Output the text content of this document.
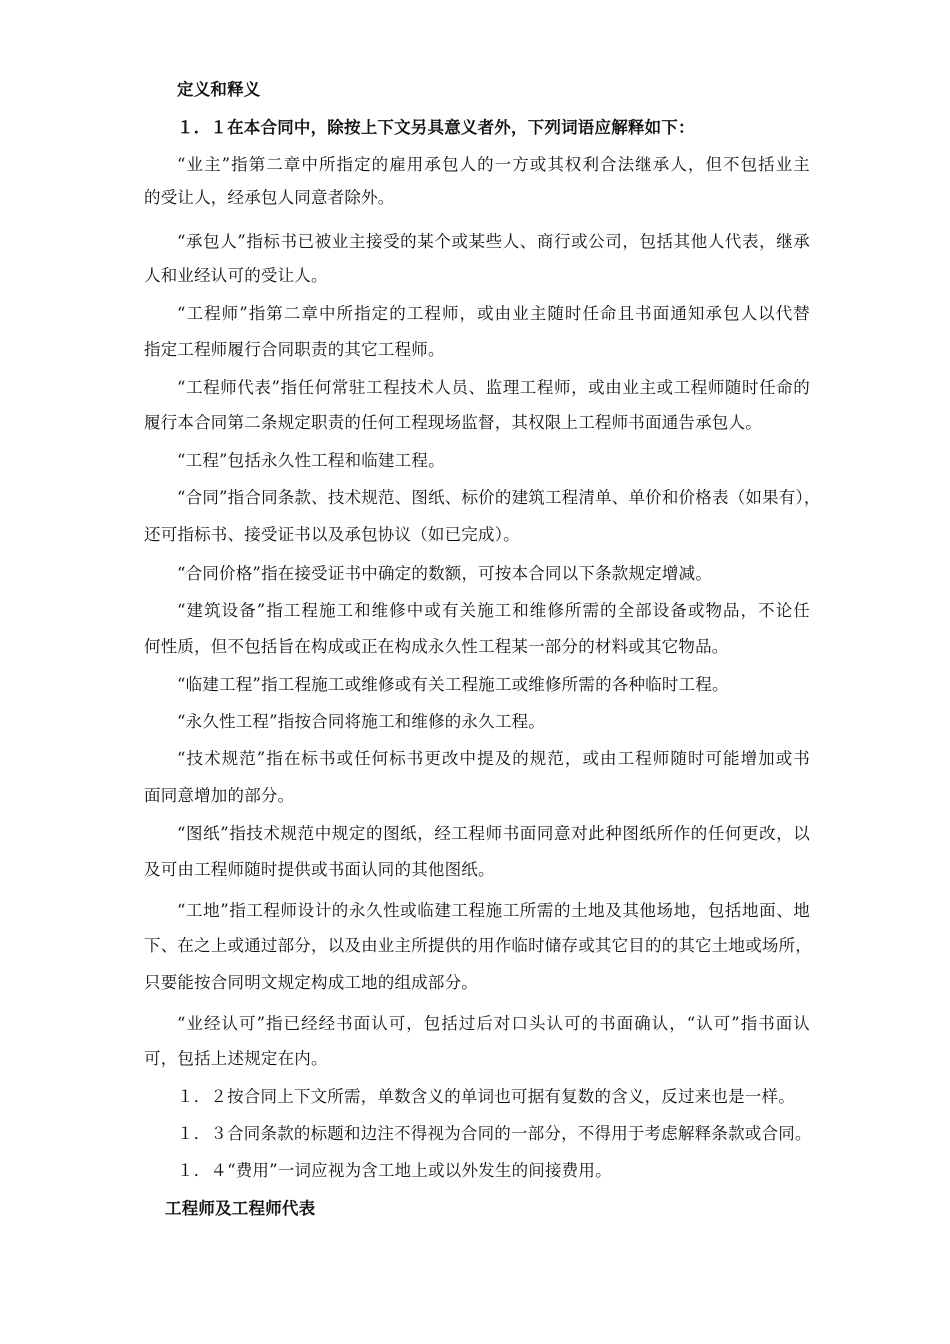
定义和释义
１．１在本合同中，除按上下文另具意义者外，下列词语应解释如下：
“业主”指第二章中所指定的雇用承包人的一方或其权利合法继承人，但不包括业主
的受让人，经承包人同意者除外。
“承包人”指标书已被业主接受的某个或某些人、商行或公司，包括其他人代表，继承
人和业经认可的受让人。
“工程师”指第二章中所指定的工程师，或由业主随时任命且书面通知承包人以代替
指定工程师履行合同职责的其它工程师。
“工程师代表”指任何常驻工程技术人员、监理工程师，或由业主或工程师随时任命的
履行本合同第二条规定职责的任何工程现场监督，其权限上工程师书面通告承包人。
“工程”包括永久性工程和临建工程。
“合同”指合同条款、技术规范、图纸、标价的建筑工程清单、单价和价格表（如果有），
还可指标书、接受证书以及承包协议（如已完成）。
“合同价格”指在接受证书中确定的数额，可按本合同以下条款规定增减。
“建筑设备”指工程施工和维修中或有关施工和维修所需的全部设备或物品，不论任
何性质，但不包括旨在构成或正在构成永久性工程某一部分的材料或其它物品。
“临建工程”指工程施工或维修或有关工程施工或维修所需的各种临时工程。
“永久性工程”指按合同将施工和维修的永久工程。
“技术规范”指在标书或任何标书更改中提及的规范，或由工程师随时可能增加或书
面同意增加的部分。
“图纸”指技术规范中规定的图纸，经工程师书面同意对此种图纸所作的任何更改，以
及可由工程师随时提供或书面认同的其他图纸。
“工地”指工程师设计的永久性或临建工程施工所需的土地及其他场地，包括地面、地
下、在之上或通过部分，以及由业主所提供的用作临时储存或其它目的的其它土地或场所，
只要能按合同明文规定构成工地的组成部分。
“业经认可”指已经经书面认可，包括过后对口头认可的书面确认，“认可”指书面认
可，包括上述规定在内。
１．２按合同上下文所需，单数含义的单词也可据有复数的含义，反过来也是一样。
１．３合同条款的标题和边注不得视为合同的一部分，不得用于考虑解释条款或合同。
１．４“费用”一词应视为含工地上或以外发生的间接费用。
工程师及工程师代表
